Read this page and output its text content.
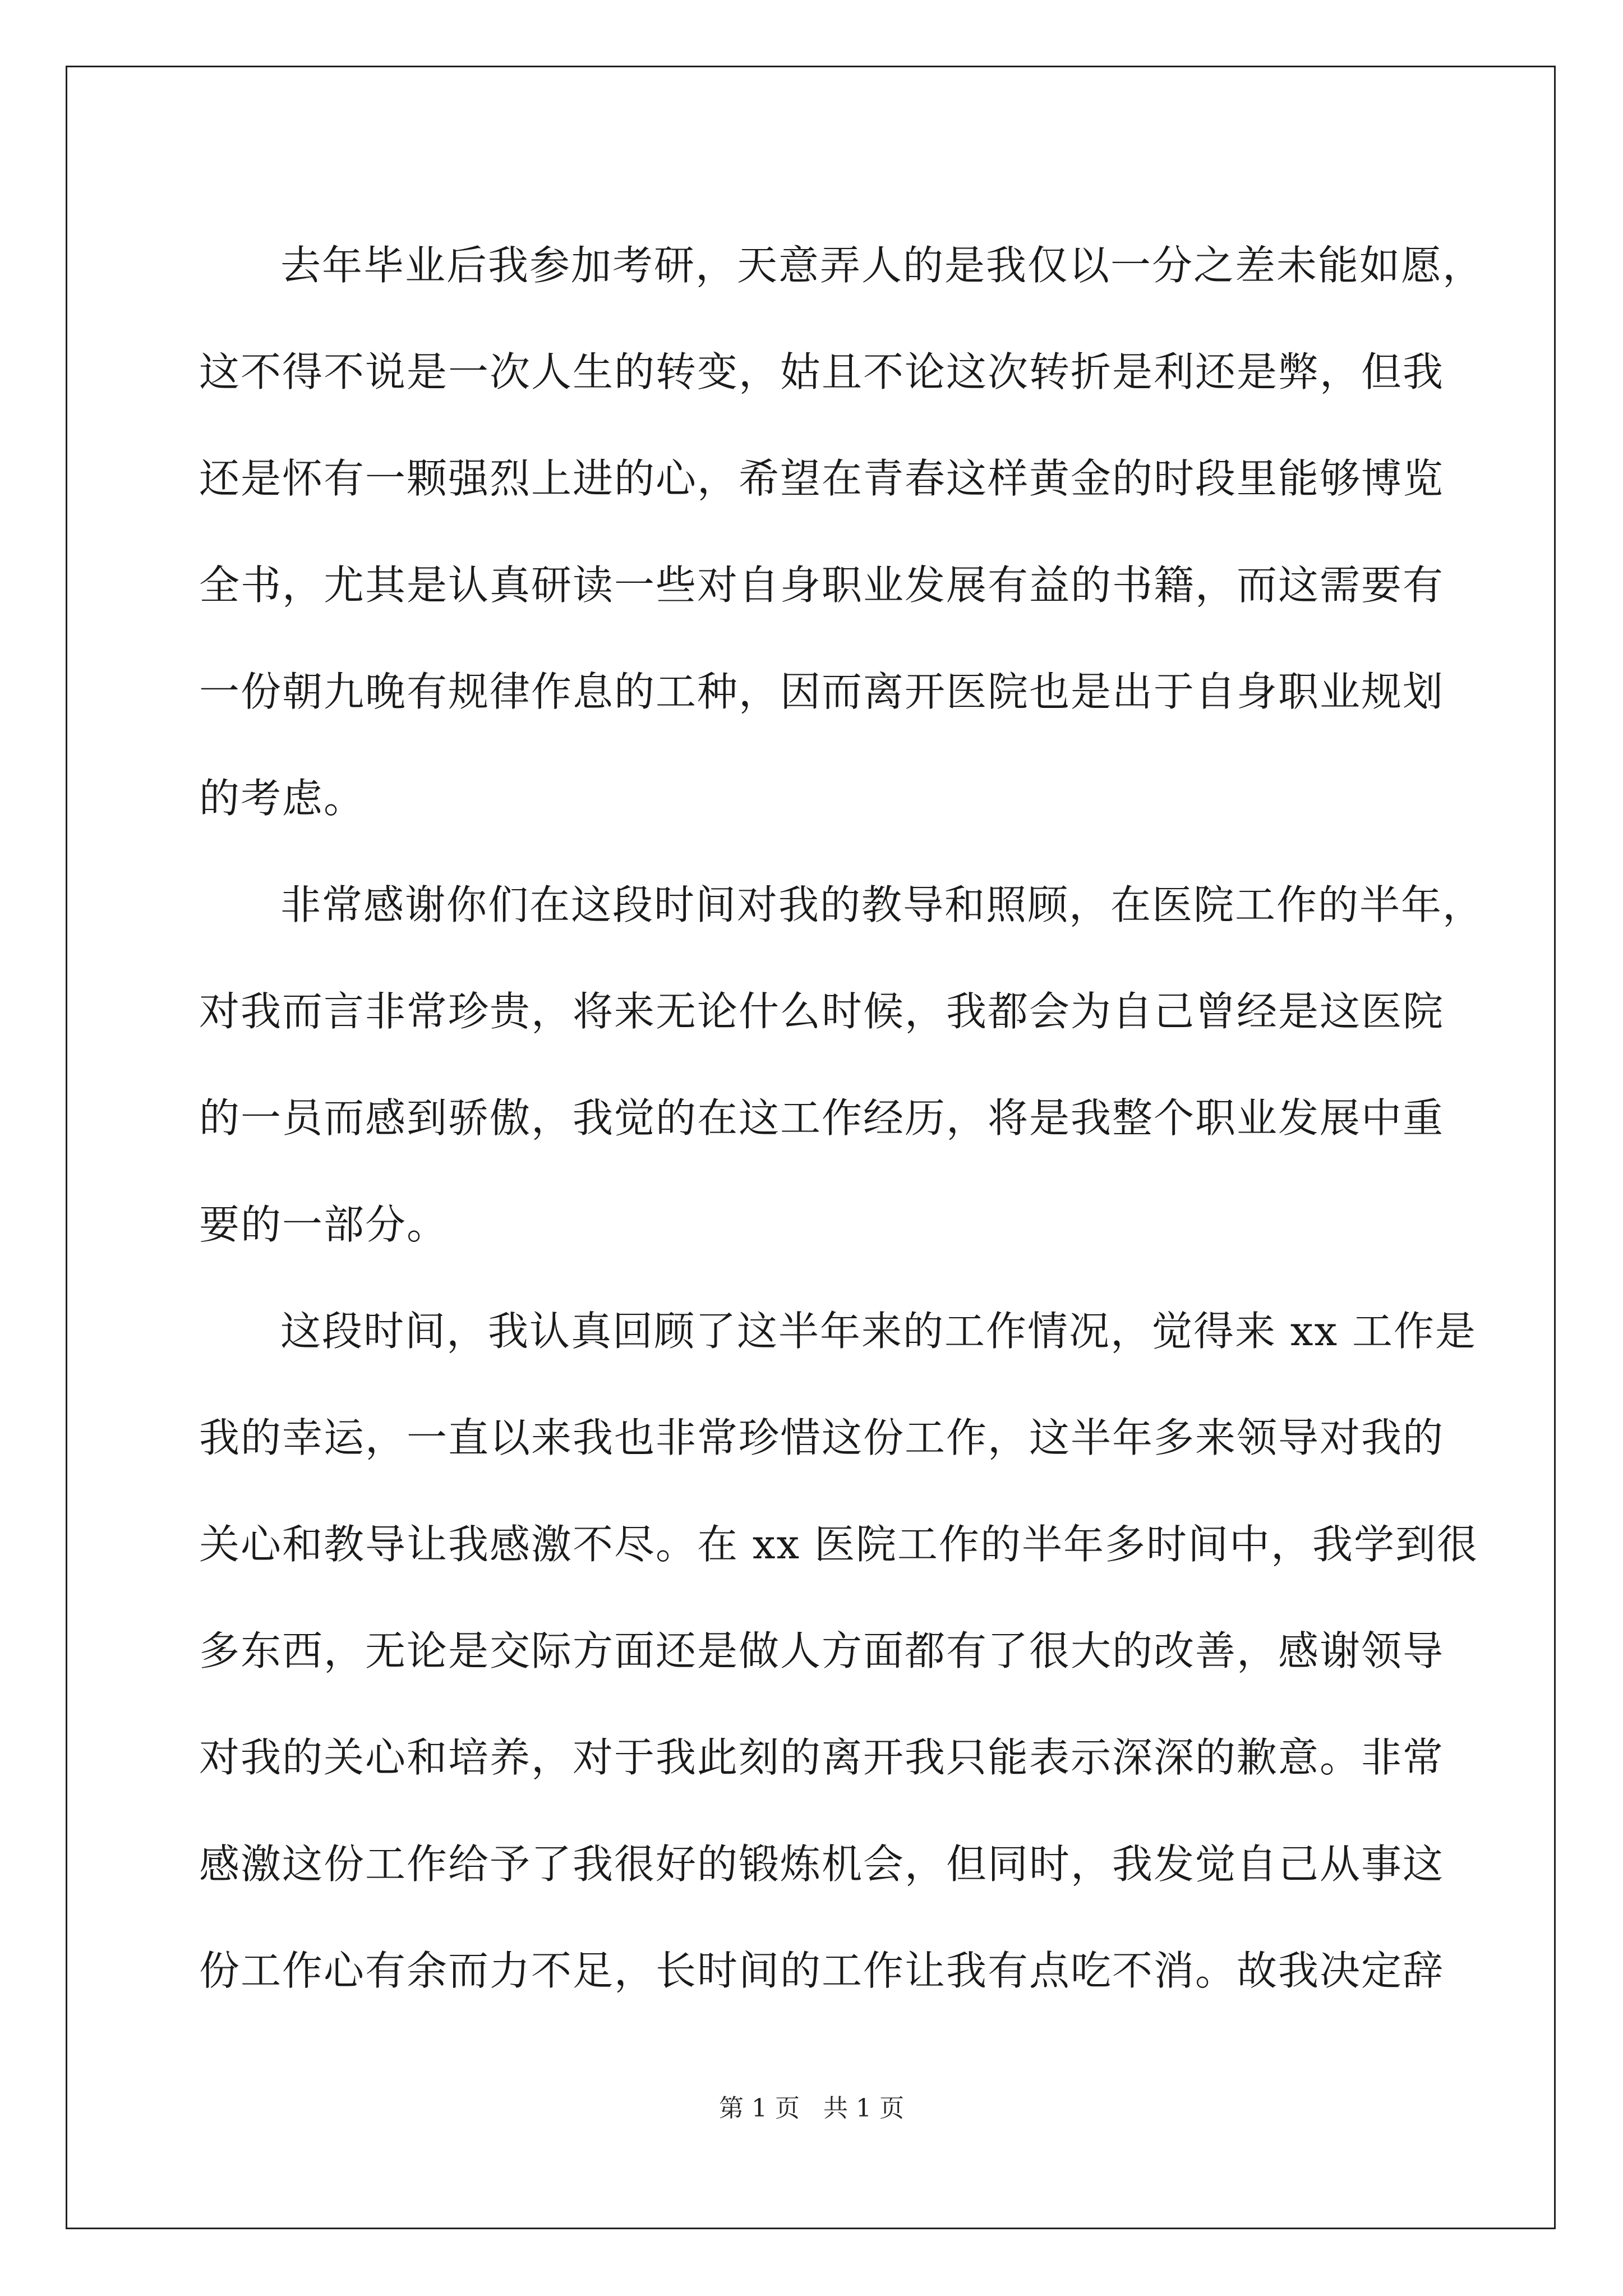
去年毕业后我参加考研，天意弄人的是我仅以一分之差未能如愿，
这不得不说是一次人生的转变，姑且不论这次转折是利还是弊，但我
还是怀有一颗强烈上进的心，希望在青春这样黄金的时段里能够博览
全书，尤其是认真研读一些对自身职业发展有益的书籍，而这需要有
一份朝九晚有规律作息的工种，因而离开医院也是出于自身职业规划
的考虑。
非常感谢你们在这段时间对我的教导和照顾，在医院工作的半年，
对我而言非常珍贵，将来无论什么时候，我都会为自己曾经是这医院
的一员而感到骄傲，我觉的在这工作经历，将是我整个职业发展中重
要的一部分。
这段时间，我认真回顾了这半年来的工作情况，觉得来 xx 工作是
我的幸运，一直以来我也非常珍惜这份工作，这半年多来领导对我的
关心和教导让我感激不尽。在 xx 医院工作的半年多时间中，我学到很
多东西，无论是交际方面还是做人方面都有了很大的改善，感谢领导
对我的关心和培养，对于我此刻的离开我只能表示深深的歉意。非常
感激这份工作给予了我很好的锻炼机会，但同时，我发觉自己从事这
份工作心有余而力不足，长时间的工作让我有点吃不消。故我决定辞
第 1 页 共 1 页
